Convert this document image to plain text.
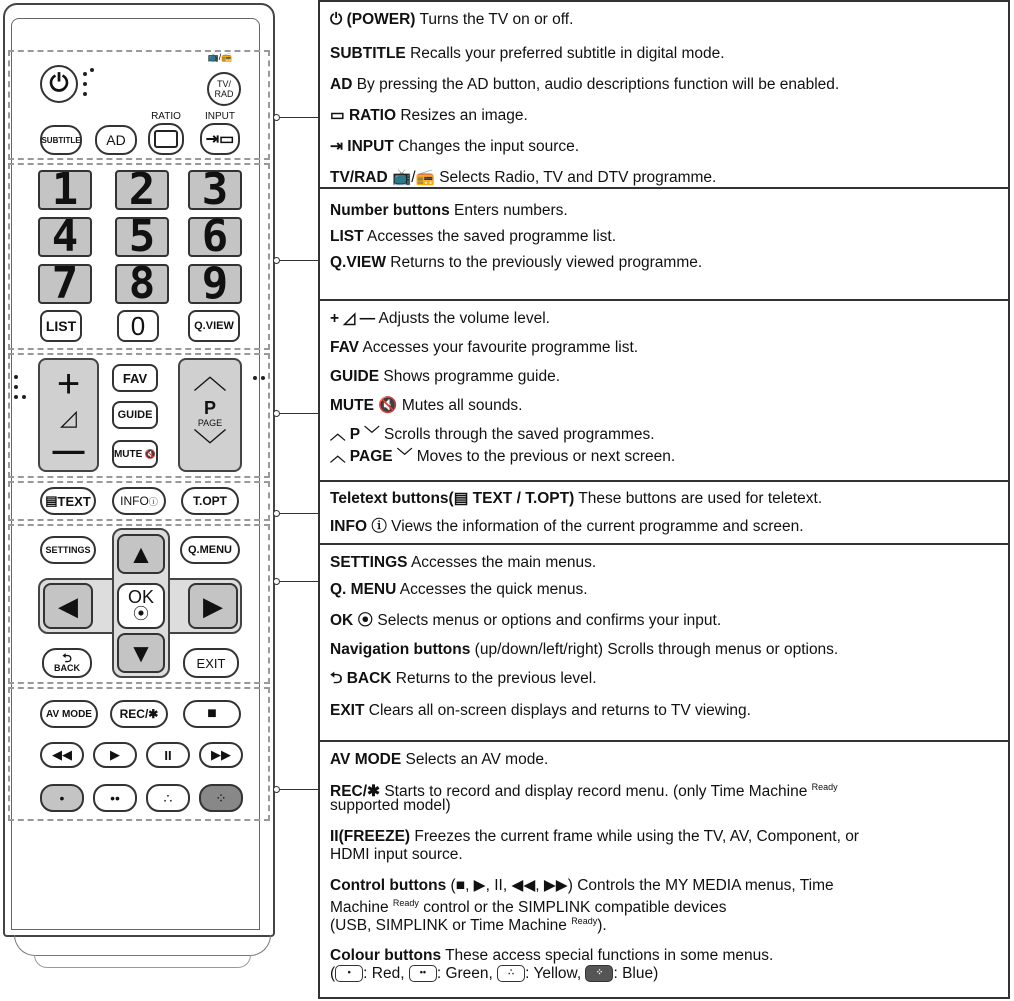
⏻
📺/📻
TV/
RAD
SUBTITLE	AD
RATIO	INPUT
⇥▭
1	2	3
4	5	6
7	8	9
LIST	0	Q.VIEW
+
◿
—
FAV
GUIDE
MUTE 🔇
︿
P
PAGE
﹀
▤ TEXT INFO ⓘ	T.OPT
SETTINGS	Q.MENU
▲
◀	OK
⦿	▶
▼
⮌
BACK	EXIT
AV MODE	REC/✱	■
◀◀	▶	II	▶▶
•	••	∴	⁘
⏻ (POWER) Turns the TV on or off.
SUBTITLE Recalls your preferred subtitle in digital mode.
AD By pressing the AD button, audio descriptions function will be enabled.
▭ RATIO Resizes an image.
⇥ INPUT Changes the input source.
TV/RAD 📺/📻 Selects Radio, TV and DTV programme.
Number buttons Enters numbers.
LIST Accesses the saved programme list.
Q.VIEW Returns to the previously viewed programme.
+ ◿ — Adjusts the volume level.
FAV Accesses your favourite programme list.
GUIDE Shows programme guide.
MUTE 🔇 Mutes all sounds.
︿ P ﹀ Scrolls through the saved programmes.
︿ PAGE ﹀ Moves to the previous or next screen.
Teletext buttons(▤ TEXT / T.OPT) These buttons are used for teletext.
INFO ⓘ Views the information of the current programme and screen.
SETTINGS Accesses the main menus.
Q. MENU Accesses the quick menus.
OK ⦿ Selects menus or options and confirms your input.
Navigation buttons (up/down/left/right) Scrolls through menus or options.
⮌ BACK Returns to the previous level.
EXIT Clears all on-screen displays and returns to TV viewing.
AV MODE Selects an AV mode.
REC/✱ Starts to record and display record menu. (only Time Machine $^{Ready}$
supported model)
II(FREEZE) Freezes the current frame while using the TV, AV, Component, or
HDMI input source.
Control buttons (■, ▶, II, ◀◀, ▶▶) Controls the MY MEDIA menus, Time
Machine $^{Ready}$ control or the SIMPLINK compatible devices
(USB, SIMPLINK or Time Machine $^{Ready}$).
Colour buttons These access special functions in some menus.
( • : Red, •• : Green, ∴ : Yellow, ⁘ : Blue)
